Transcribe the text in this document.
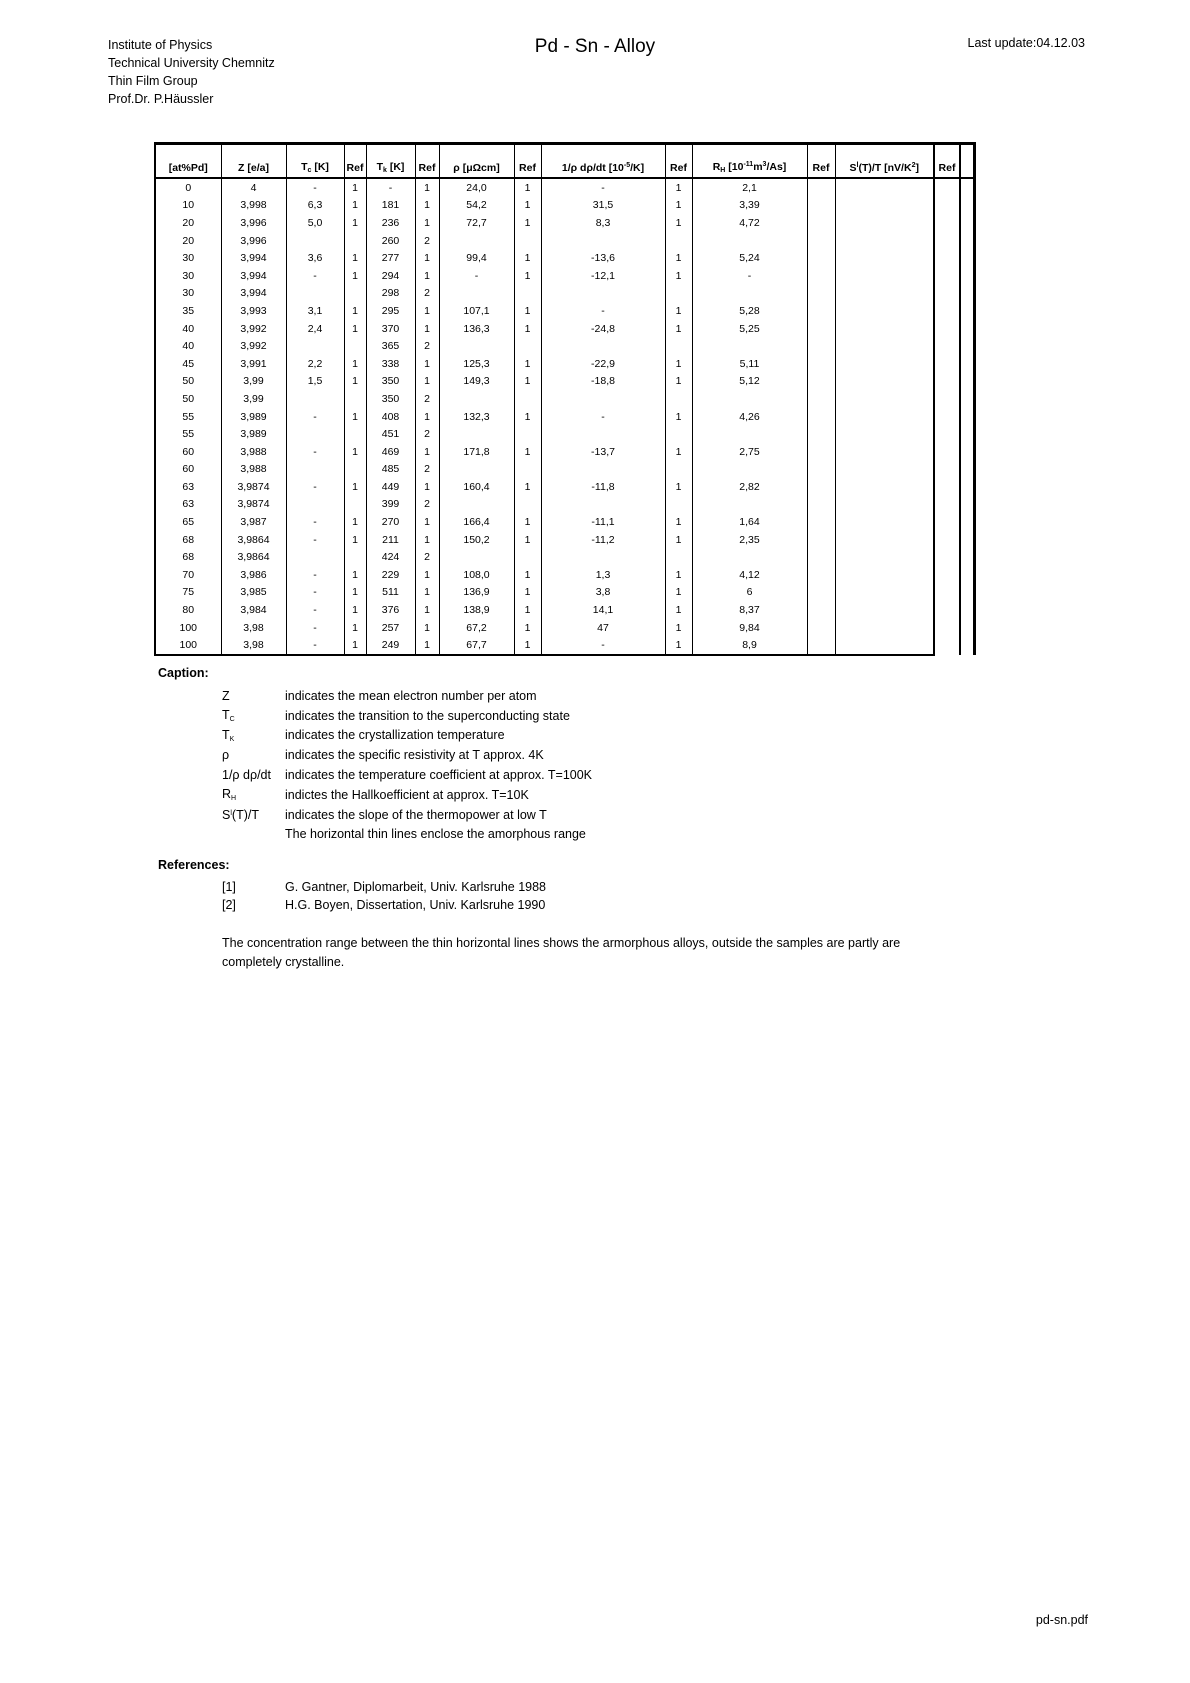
Institute of Physics
Technical University Chemnitz
Thin Film Group
Prof.Dr. P.Häussler
Pd - Sn - Alloy	Last update:04.12.03
[at%Pd]	Z [e/a]	$T_c$ [K]	Ref	$T_k$ [K]	Ref	ρ [μΩcm]	Ref	1/ρ dρ/dt $[10^{-5}/K]$	Ref	$R_H$ $[10^{-11}m^3/As]$	Ref	$S^l(T)/T$ $[nV/K^2]$	Ref	
0	4	-	1	-	1	24,0	1	-	1	2,1				
10	3,998	6,3	1	181	1	54,2	1	31,5	1	3,39				
20	3,996	5,0	1	236	1	72,7	1	8,3	1	4,72				
20	3,996			260	2									
30	3,994	3,6	1	277	1	99,4	1	-13,6	1	5,24				
30	3,994	-	1	294	1	-	1	-12,1	1	-				
30	3,994			298	2									
35	3,993	3,1	1	295	1	107,1	1	-	1	5,28				
40	3,992	2,4	1	370	1	136,3	1	-24,8	1	5,25				
40	3,992			365	2									
45	3,991	2,2	1	338	1	125,3	1	-22,9	1	5,11				
50	3,99	1,5	1	350	1	149,3	1	-18,8	1	5,12				
50	3,99			350	2									
55	3,989	-	1	408	1	132,3	1	-	1	4,26				
55	3,989			451	2									
60	3,988	-	1	469	1	171,8	1	-13,7	1	2,75				
60	3,988			485	2									
63	3,9874	-	1	449	1	160,4	1	-11,8	1	2,82				
63	3,9874			399	2									
65	3,987	-	1	270	1	166,4	1	-11,1	1	1,64				
68	3,9864	-	1	211	1	150,2	1	-11,2	1	2,35				
68	3,9864			424	2									
70	3,986	-	1	229	1	108,0	1	1,3	1	4,12				
75	3,985	-	1	511	1	136,9	1	3,8	1	6				
80	3,984	-	1	376	1	138,9	1	14,1	1	8,37				
100	3,98	-	1	257	1	67,2	1	47	1	9,84				
100	3,98	-	1	249	1	67,7	1	-	1	8,9				
Caption:
Z	indicates the mean electron number per atom
$T_C$	indicates the transition to the superconducting state
$T_K$	indicates the crystallization temperature
ρ	indicates the specific resistivity at T approx. 4K
1/ρ dρ/dt	indicates the temperature coefficient at approx. T=100K
$R_H$	indictes the Hallkoefficient at approx. T=10K
$S^l(T)/T$	indicates the slope of the thermopower at low T
The horizontal thin lines enclose the amorphous range
References:
[1]	G. Gantner, Diplomarbeit, Univ. Karlsruhe 1988
[2]	H.G. Boyen, Dissertation, Univ. Karlsruhe 1990
The concentration range between the thin horizontal lines shows the armorphous alloys, outside the samples are partly are completely crystalline.
pd-sn.pdf
